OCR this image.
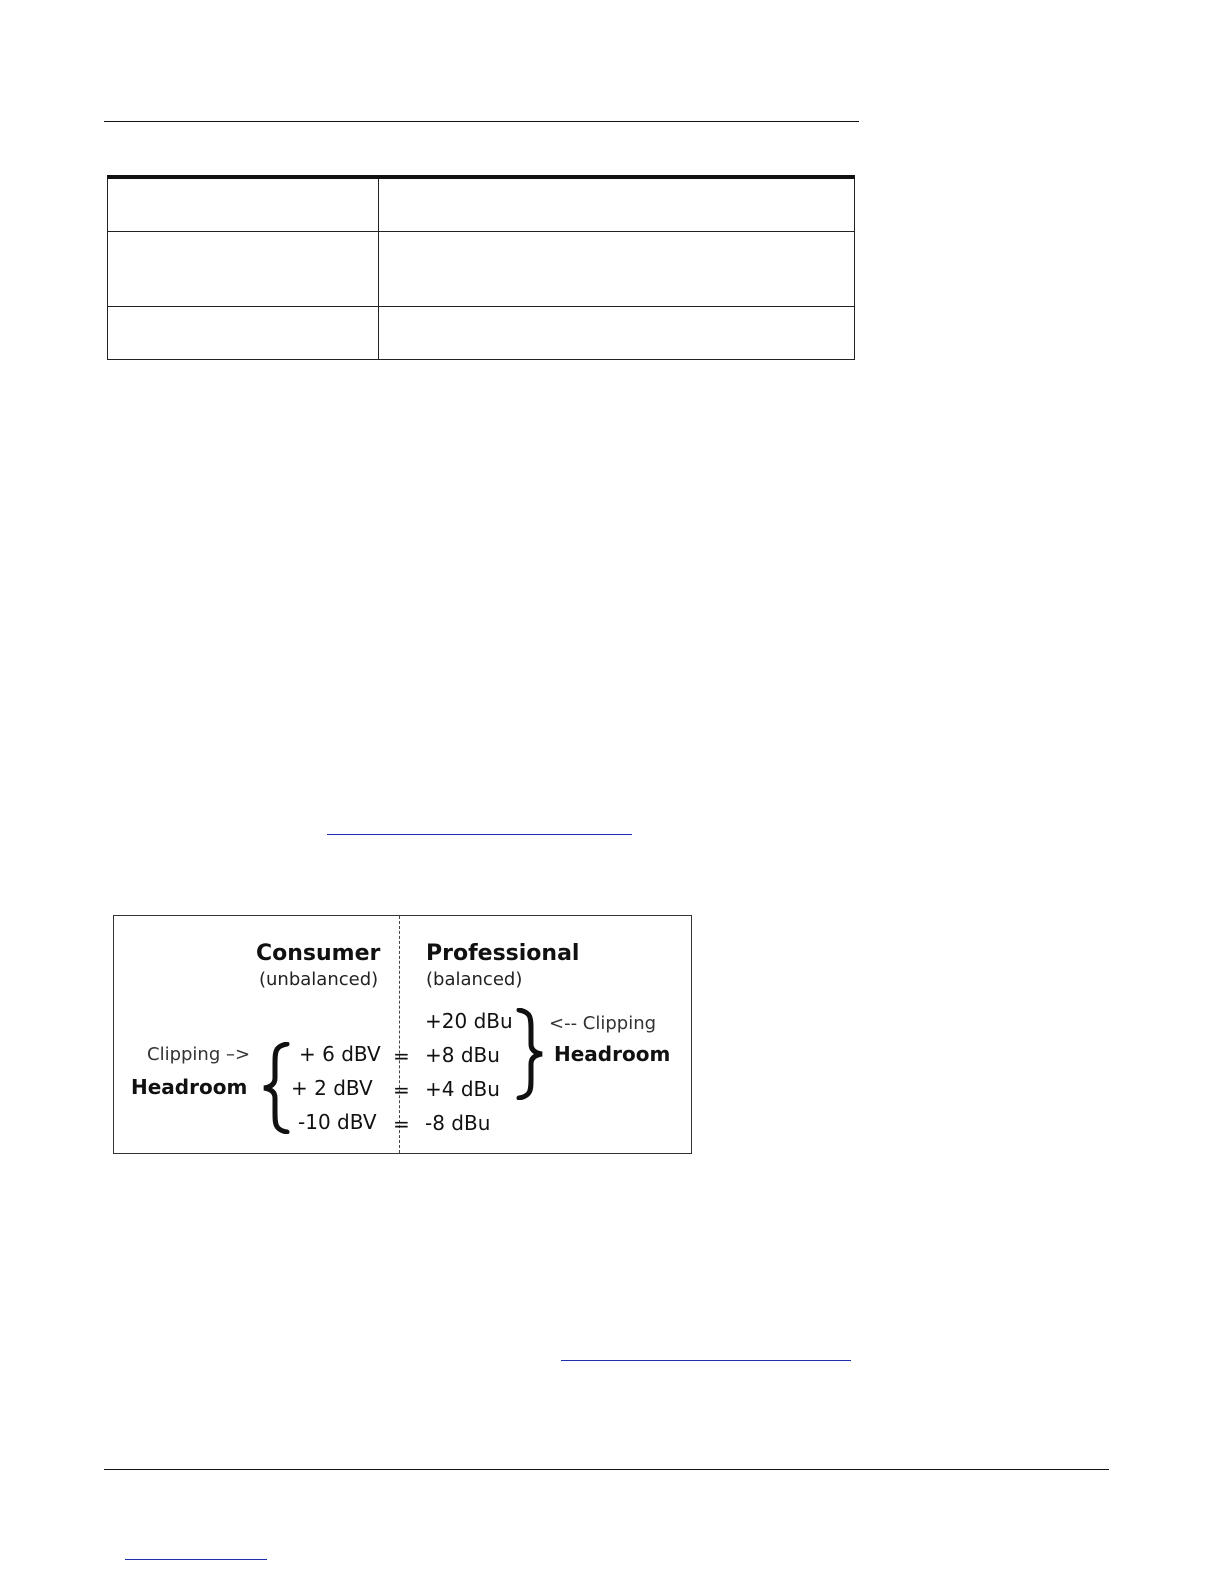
Consumer
(unbalanced)
Professional
(balanced)
Clipping –>
Headroom
+ 6 dBV
+ 2 dBV
-10 dBV
=
=
=
+20 dBu
+8 dBu
+4 dBu
-8 dBu
<-- Clipping
Headroom
